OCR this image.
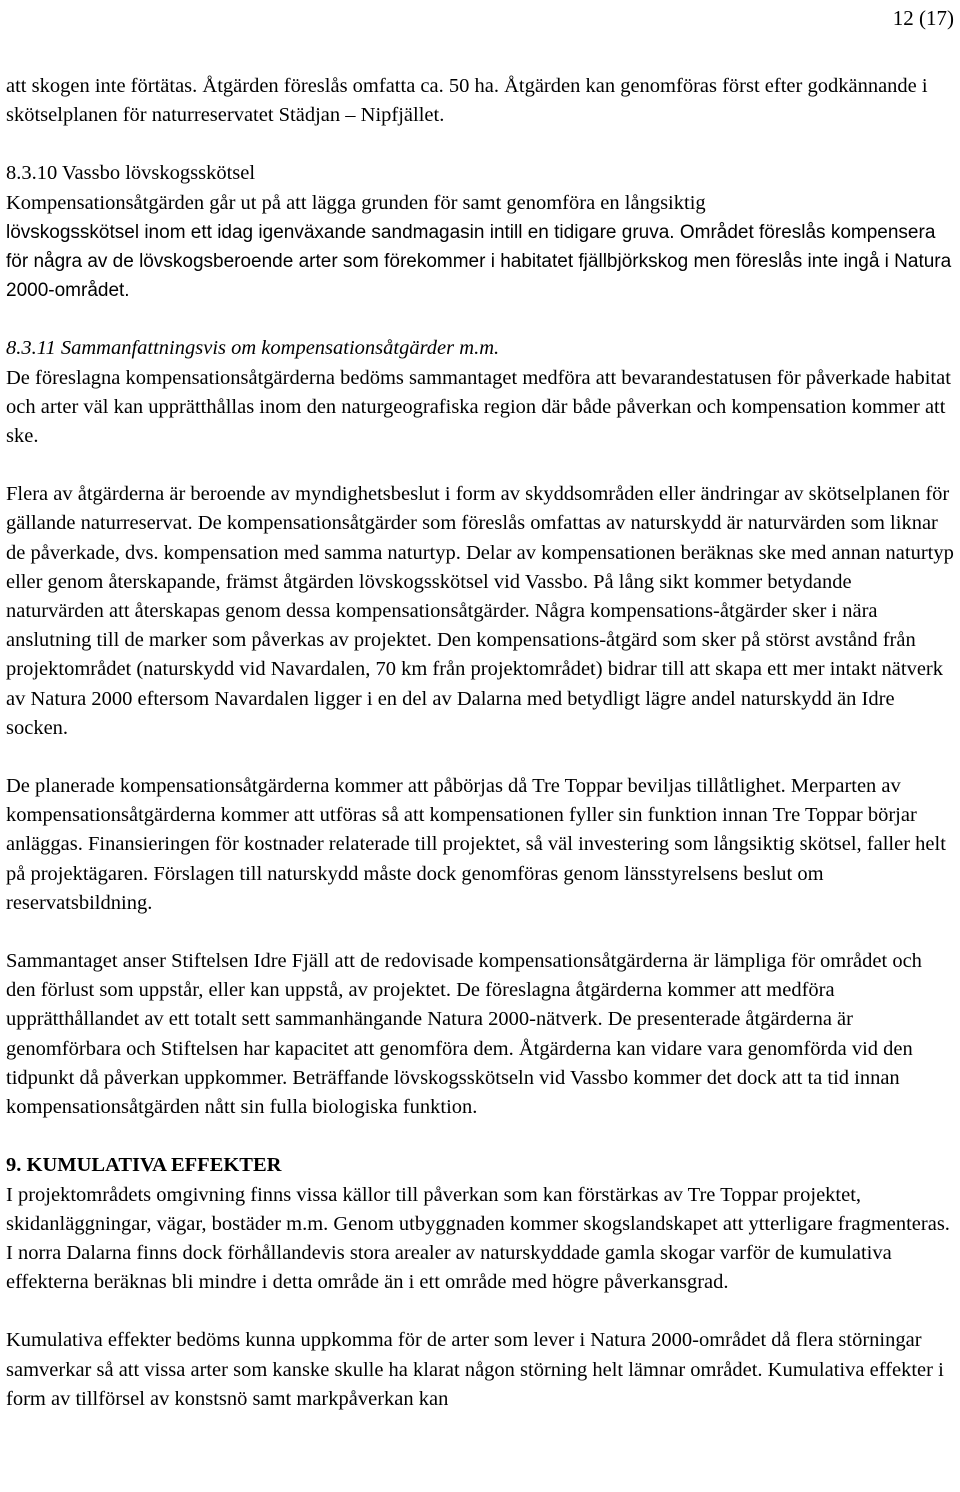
12 (17)

att skogen inte förtätas. Åtgärden föreslås omfatta ca. 50 ha. Åtgärden kan genomföras först efter godkännande i skötselplanen för naturreservatet Städjan – Nipfjället.

8.3.10 Vassbo lövskogsskötsel

Kompensationsåtgärden går ut på att lägga grunden för samt genomföra en långsiktig
lövskogsskötsel inom ett idag igenväxande sandmagasin intill en tidigare gruva. Området föreslås kompensera för några av de lövskogsberoende arter som förekommer i habitatet fjällbjörkskog men föreslås inte ingå i Natura 2000-området.

8.3.11 Sammanfattningsvis om kompensationsåtgärder m.m.

De föreslagna kompensationsåtgärderna bedöms sammantaget medföra att bevarandestatusen för påverkade habitat och arter väl kan upprätthållas inom den naturgeografiska region där både påverkan och kompensation kommer att ske.

Flera av åtgärderna är beroende av myndighetsbeslut i form av skyddsområden eller ändringar av skötselplanen för gällande naturreservat. De kompensationsåtgärder som föreslås omfattas av naturskydd är naturvärden som liknar de påverkade, dvs. kompensation med samma naturtyp. Delar av kompensationen beräknas ske med annan naturtyp eller genom återskapande, främst åtgärden lövskogsskötsel vid Vassbo. På lång sikt kommer betydande naturvärden att återskapas genom dessa kompensationsåtgärder. Några kompensations-åtgärder sker i nära anslutning till de marker som påverkas av projektet. Den kompensations-åtgärd som sker på störst avstånd från projektområdet (naturskydd vid Navardalen, 70 km från projektområdet) bidrar till att skapa ett mer intakt nätverk av Natura 2000 eftersom Navardalen ligger i en del av Dalarna med betydligt lägre andel naturskydd än Idre socken.

De planerade kompensationsåtgärderna kommer att påbörjas då Tre Toppar beviljas tillåtlighet. Merparten av kompensationsåtgärderna kommer att utföras så att kompensationen fyller sin funktion innan Tre Toppar börjar anläggas. Finansieringen för kostnader relaterade till projektet, så väl investering som långsiktig skötsel, faller helt på projektägaren. Förslagen till naturskydd måste dock genomföras genom länsstyrelsens beslut om reservatsbildning.

Sammantaget anser Stiftelsen Idre Fjäll att de redovisade kompensationsåtgärderna är lämpliga för området och den förlust som uppstår, eller kan uppstå, av projektet. De föreslagna åtgärderna kommer att medföra upprätthållandet av ett totalt sett sammanhängande Natura 2000-nätverk. De presenterade åtgärderna är genomförbara och Stiftelsen har kapacitet att genomföra dem. Åtgärderna kan vidare vara genomförda vid den tidpunkt då påverkan uppkommer. Beträffande lövskogsskötseln vid Vassbo kommer det dock att ta tid innan kompensationsåtgärden nått sin fulla biologiska funktion.

9. KUMULATIVA EFFEKTER

I projektområdets omgivning finns vissa källor till påverkan som kan förstärkas av Tre Toppar projektet, skidanläggningar, vägar, bostäder m.m. Genom utbyggnaden kommer skogslandskapet att ytterligare fragmenteras. I norra Dalarna finns dock förhållandevis stora arealer av naturskyddade gamla skogar varför de kumulativa effekterna beräknas bli mindre i detta område än i ett område med högre påverkansgrad.

Kumulativa effekter bedöms kunna uppkomma för de arter som lever i Natura 2000-området då flera störningar samverkar så att vissa arter som kanske skulle ha klarat någon störning helt lämnar området. Kumulativa effekter i form av tillförsel av konstsnö samt markpåverkan kan
